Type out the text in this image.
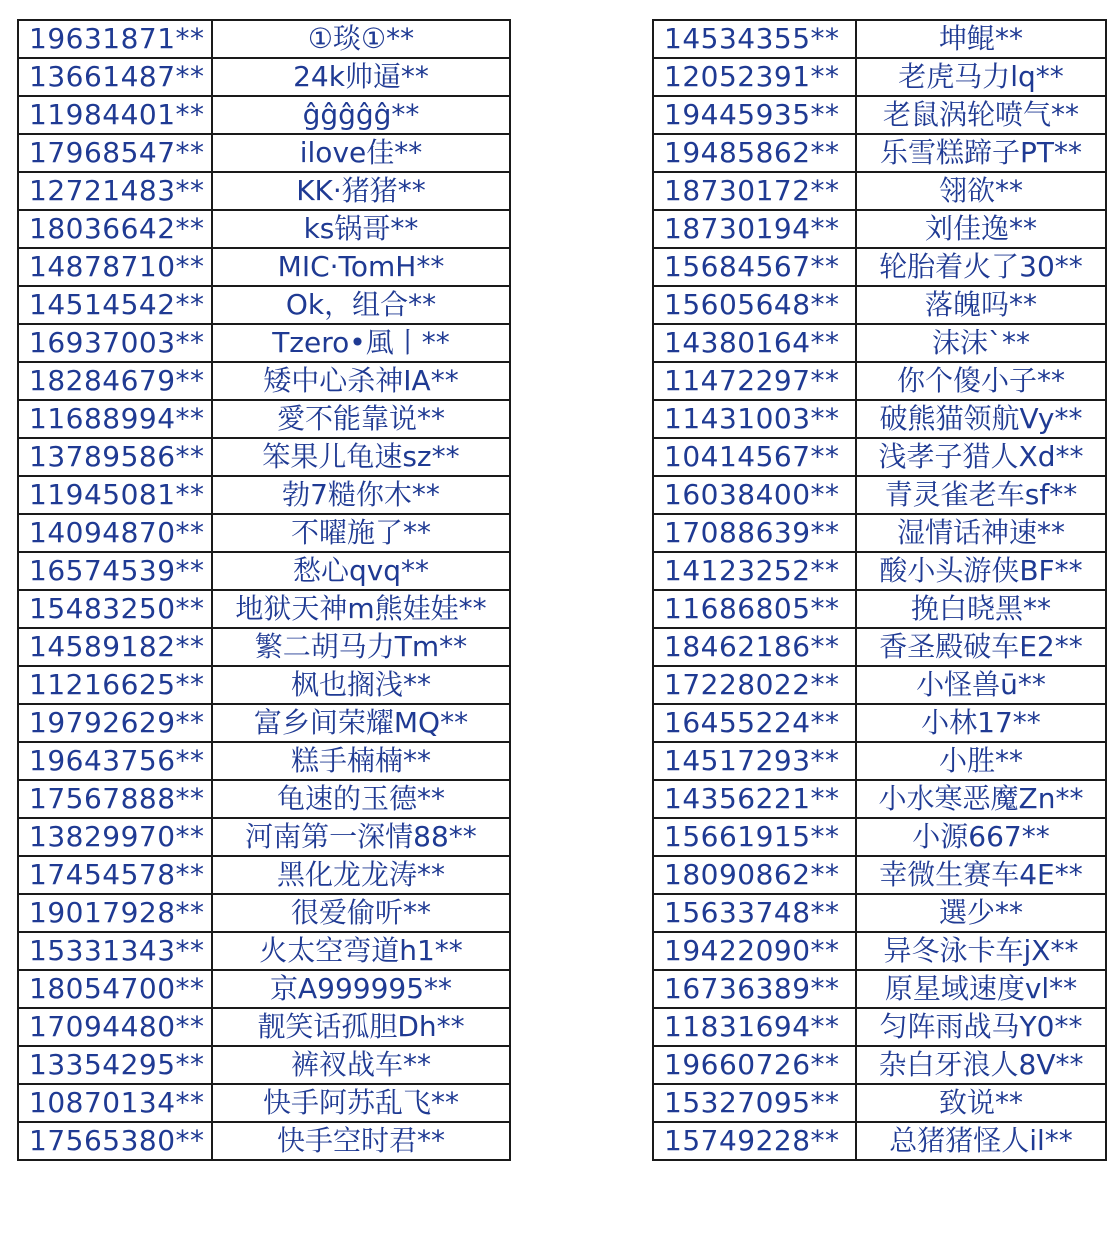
19631871**	①琰①**
13661487**	24k帅逼**
11984401**	ĝĝĝĝĝ**
17968547**	ilove佳**
12721483**	KK·猪猪**
18036642**	ks锅哥**
14878710**	MIC·TomH**
14514542**	Ok，组合**
16937003**	Tzero•風丨**
18284679**	矮中心杀神IA**
11688994**	愛不能靠说**
13789586**	笨果儿龟速sz**
11945081**	勃7糙你木**
14094870**	不曜施了**
16574539**	愁心qvq**
15483250**	地狱天神m熊娃娃**
14589182**	繁二胡马力Tm**
11216625**	枫也搁浅**
19792629**	富乡间荣耀MQ**
19643756**	糕手楠楠**
17567888**	龟速的玉德**
13829970**	河南第一深情88**
17454578**	黑化龙龙涛**
19017928**	很爱偷听**
15331343**	火太空弯道h1**
18054700**	京A999995**
17094480**	靓笑话孤胆Dh**
13354295**	裤衩战车**
10870134**	快手阿苏乱飞**
17565380**	快手空时君**
14534355**	坤鲲**
12052391**	老虎马力lq**
19445935**	老鼠涡轮喷气**
19485862**	乐雪糕蹄子PT**
18730172**	翎欲**
18730194**	刘佳逸**
15684567**	轮胎着火了30**
15605648**	落魄吗**
14380164**	沫沫`**
11472297**	你个傻小子**
11431003**	破熊猫领航Vy**
10414567**	浅孝子猎人Xd**
16038400**	青灵雀老车sf**
17088639**	湿情话神速**
14123252**	酸小头游侠BF**
11686805**	挽白晓黑**
18462186**	香圣殿破车E2**
17228022**	小怪兽ū**
16455224**	小林17**
14517293**	小胜**
14356221**	小水寒恶魔Zn**
15661915**	小源667**
18090862**	幸微生赛车4E**
15633748**	選少**
19422090**	异冬泳卡车jX**
16736389**	原星域速度vl**
11831694**	匀阵雨战马Y0**
19660726**	杂白牙浪人8V**
15327095**	致说**
15749228**	总猪猪怪人il**
